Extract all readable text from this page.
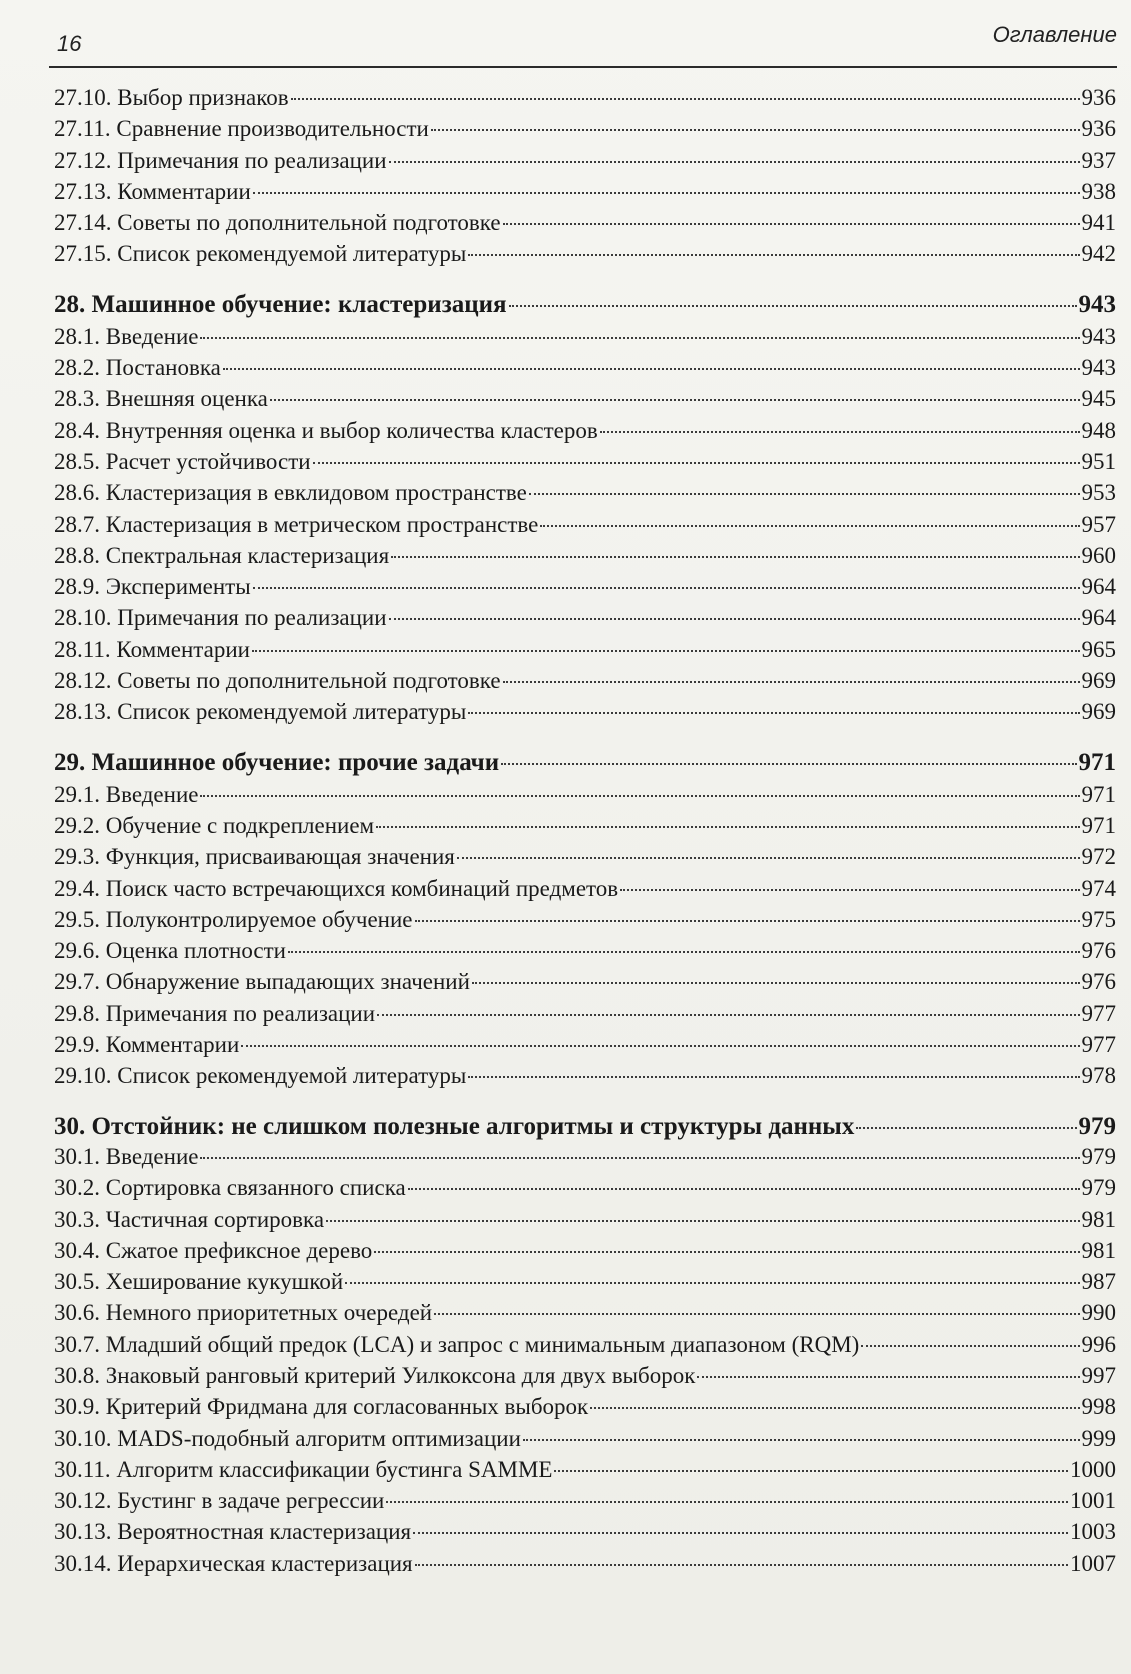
16	Оглавление
27.10. Выбор признаков	936
27.11. Сравнение производительности	936
27.12. Примечания по реализации	937
27.13. Комментарии	938
27.14. Советы по дополнительной подготовке	941
27.15. Список рекомендуемой литературы	942
28. Машинное обучение: кластеризация	943
28.1. Введение	943
28.2. Постановка	943
28.3. Внешняя оценка	945
28.4. Внутренняя оценка и выбор количества кластеров	948
28.5. Расчет устойчивости	951
28.6. Кластеризация в евклидовом пространстве	953
28.7. Кластеризация в метрическом пространстве	957
28.8. Спектральная кластеризация	960
28.9. Эксперименты	964
28.10. Примечания по реализации	964
28.11. Комментарии	965
28.12. Советы по дополнительной подготовке	969
28.13. Список рекомендуемой литературы	969
29. Машинное обучение: прочие задачи	971
29.1. Введение	971
29.2. Обучение с подкреплением	971
29.3. Функция, присваивающая значения	972
29.4. Поиск часто встречающихся комбинаций предметов	974
29.5. Полуконтролируемое обучение	975
29.6. Оценка плотности	976
29.7. Обнаружение выпадающих значений	976
29.8. Примечания по реализации	977
29.9. Комментарии	977
29.10. Список рекомендуемой литературы	978
30. Отстойник: не слишком полезные алгоритмы и структуры данных	979
30.1. Введение	979
30.2. Сортировка связанного списка	979
30.3. Частичная сортировка	981
30.4. Сжатое префиксное дерево	981
30.5. Хеширование кукушкой	987
30.6. Немного приоритетных очередей	990
30.7. Младший общий предок (LCA) и запрос с минимальным диапазоном (RQM)	996
30.8. Знаковый ранговый критерий Уилкоксона для двух выборок	997
30.9. Критерий Фридмана для согласованных выборок	998
30.10. MADS-подобный алгоритм оптимизации	999
30.11. Алгоритм классификации бустинга SAMME	1000
30.12. Бустинг в задаче регрессии	1001
30.13. Вероятностная кластеризация	1003
30.14. Иерархическая кластеризация	1007
